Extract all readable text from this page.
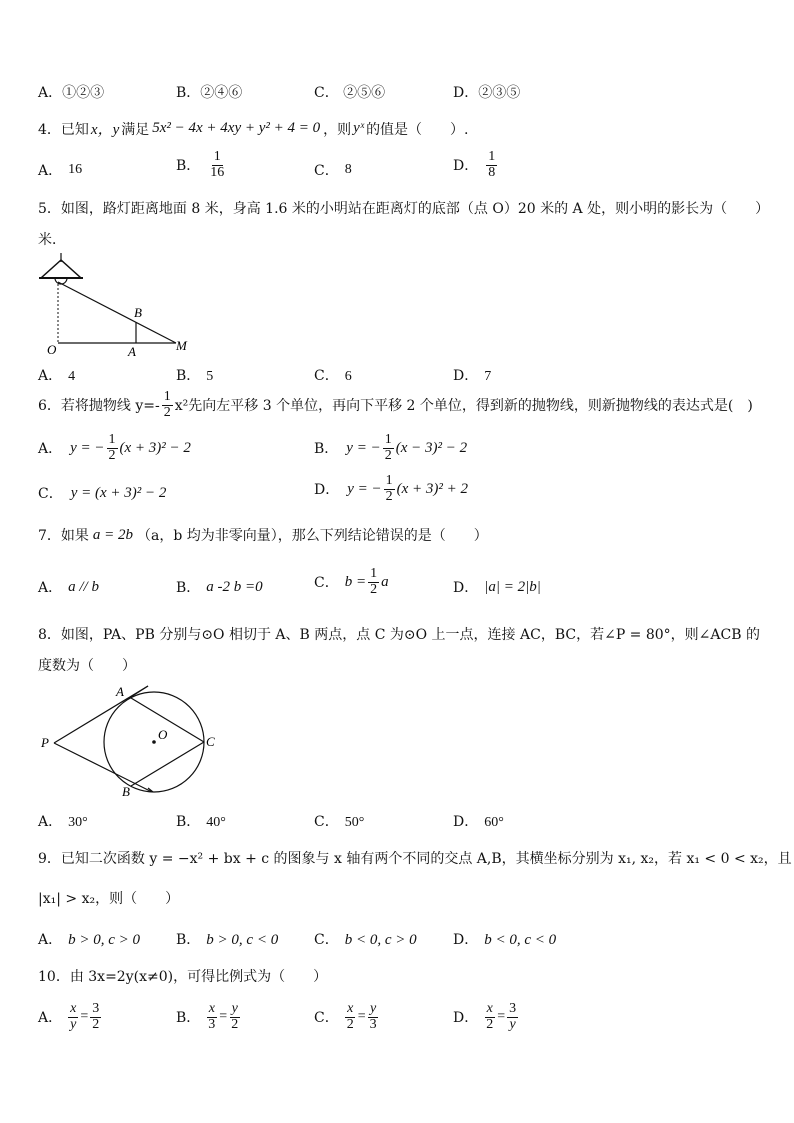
A．①②③	B．②④⑥	C． ②⑤⑥	D．②③⑤
4． 已知 x，y 满足 5x² − 4x + 4xy + y² + 4 = 0 ，则 yˣ 的值是（　　）.
A． 16	B． $\frac{1}{16}$	C． 8	D． $\frac{1}{8}$
5．如图，路灯距离地面 8 米，身高 1.6 米的小明站在距离灯的底部（点 O）20 米的 A 处，则小明的影长为（　　）
米．
O	A
B
M
A． 4	B． 5	C． 6	D． 7
6． 若将抛物线 $y=- \frac{1}{2} x^2$先向左平移 3 个单位，再向下平移 2 个单位，得到新的抛物线，则新抛物线的表达式是(　)
A． y = − $\frac{1}{2} (x + 3)^2 - 2$	B． y = − $\frac{1}{2} (x - 3)^2 - 2$
C． y = (x + 3)² − 2	D． y = − $\frac{1}{2} (x + 3)^2 + 2$
7． 如果 a = 2b （a，b 均为非零向量），那么下列结论错误的是（　　）
A． a // b	B． a -2 b =0	C． $b = \frac{1}{2}$ a	D． |a| = 2|b|
8．如图，PA、PB 分别与⊙O 相切于 A、B 两点，点 C 为⊙O 上一点，连接 AC，BC，若∠P = 80°，则∠ACB 的
度数为（　　）
A
B
C
P
O
A． 30°	B． 40°	C． 50°	D． 60°
9．已知二次函数 y = −x² + bx + c 的图象与 x 轴有两个不同的交点 A,B，其横坐标分别为 x₁, x₂，若 x₁ < 0 < x₂，且
|x₁| > x₂，则（　　）
A． b > 0, c > 0	B． b > 0, c < 0	C． b < 0, c > 0	D． b < 0, c < 0
10．由 3x=2y(x≠0)，可得比例式为（　　）
A． $\frac{x}{y} = \frac{3}{2}$	B． $\frac{x}{3} = \frac{y}{2}$	C． $\frac{x}{2} = \frac{y}{3}$	D． $\frac{x}{2} = \frac{3}{y}$
